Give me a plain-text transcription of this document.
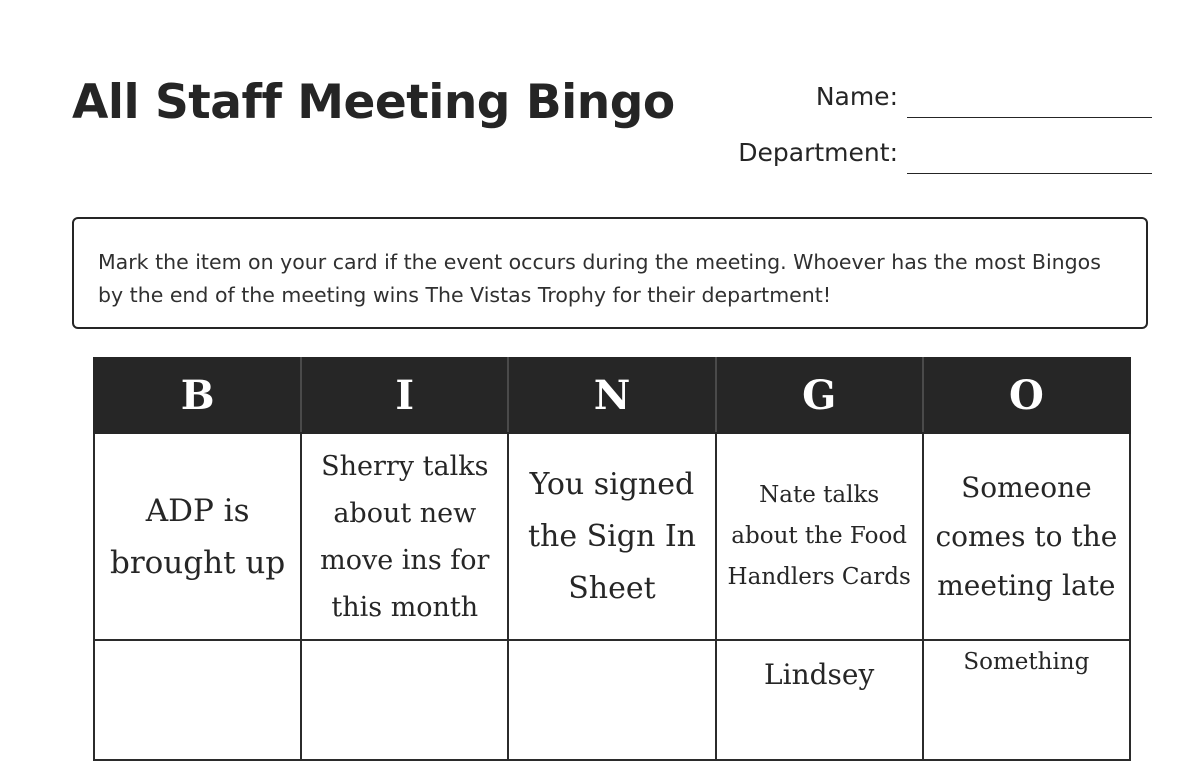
All Staff Meeting Bingo	Name:
Department:
Mark the item on your card if the event occurs during the meeting. Whoever has the most Bingos by the end of the meeting wins The Vistas Trophy for their department!
B	I	N	G	O

ADP is brought up	Sherry talks about new move ins for this month	You signed the Sign In Sheet	Nate talks about the Food Handlers Cards	Someone comes to the meeting late

			Lindsey	Something
